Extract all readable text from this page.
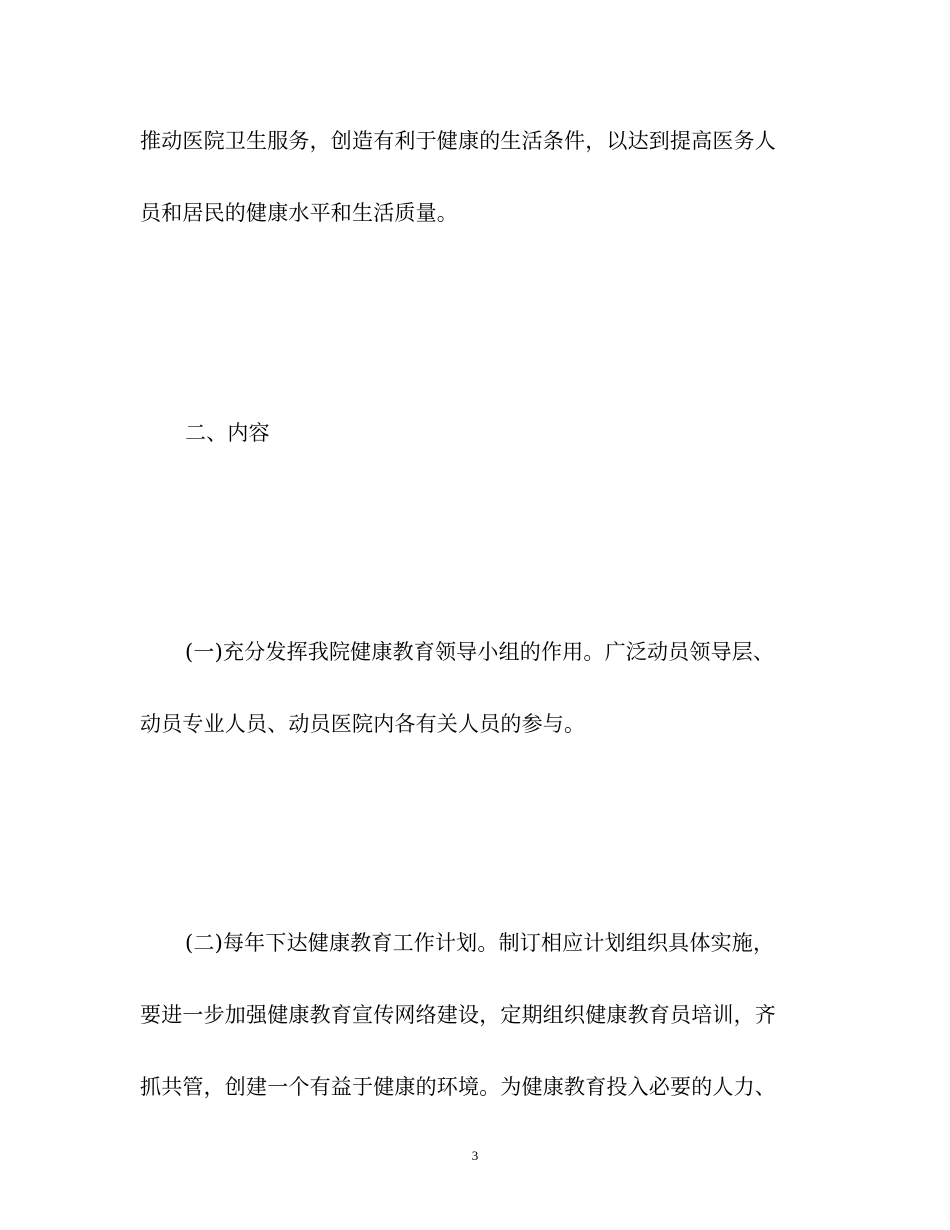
推动医院卫生服务，创造有利于健康的生活条件，以达到提高医务人
员和居民的健康水平和生活质量。
二、内容
(一)充分发挥我院健康教育领导小组的作用。广泛动员领导层、
动员专业人员、动员医院内各有关人员的参与。
(二)每年下达健康教育工作计划。制订相应计划组织具体实施，
要进一步加强健康教育宣传网络建设，定期组织健康教育员培训，齐
抓共管，创建一个有益于健康的环境。为健康教育投入必要的人力、
3
